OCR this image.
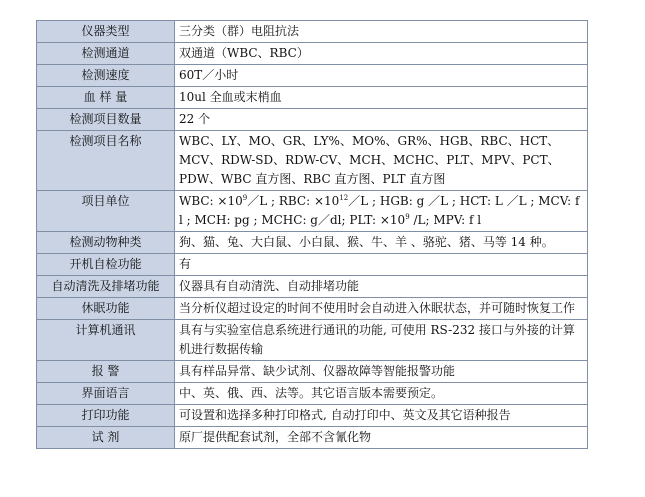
仪器类型	三分类（群）电阻抗法
检测通道	双通道（WBC、RBC）
检测速度	60T／小时
血 样 量	10ul 全血或末梢血
检测项目数量	22 个
检测项目名称	WBC、LY、MO、GR、LY%、MO%、GR%、HGB、RBC、HCT、MCV、RDW-SD、RDW-CV、MCH、MCHC、PLT、MPV、PCT、PDW、WBC 直方图、RBC 直方图、PLT 直方图
项目单位	WBC: $\times 10^9/L$ ; RBC: $\times 10^{12}/L$ ; HGB: g ／L ; HCT: L ／L ; MCV: f l ; MCH: pg ; MCHC: g／dl; PLT: $\times 10^9$ /L; MPV: f l
检测动物种类	狗、猫、兔、大白鼠、小白鼠、猴、牛、羊 、骆驼、猪、马等 14 种。
开机自检功能	有
自动清洗及排堵功能	仪器具有自动清洗、自动排堵功能
休眠功能	当分析仪超过设定的时间不使用时会自动进入休眠状态，并可随时恢复工作
计算机通讯	具有与实验室信息系统进行通讯的功能, 可使用 RS-232 接口与外接的计算机进行数据传输
报 警	具有样品异常、缺少试剂、仪器故障等智能报警功能
界面语言	中、英、俄、西、法等。其它语言版本需要预定。
打印功能	可设置和选择多种打印格式, 自动打印中、英文及其它语种报告
试 剂	原厂提供配套试剂，全部不含氰化物
